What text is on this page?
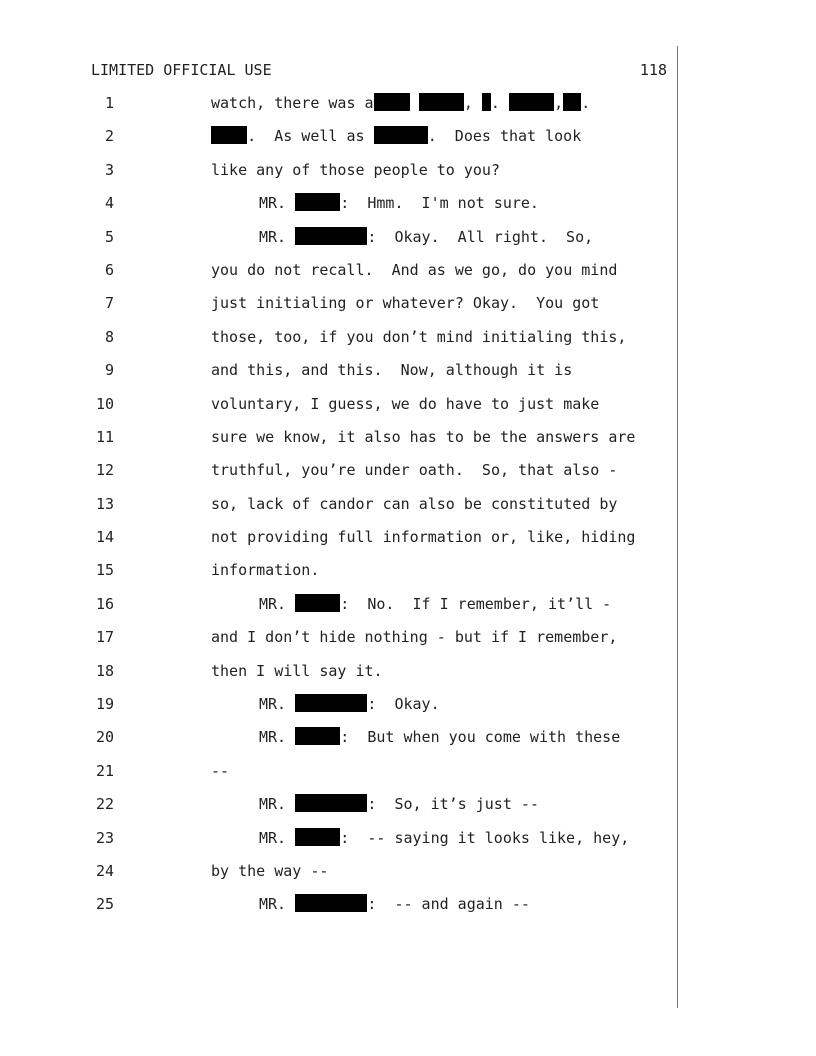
LIMITED OFFICIAL USE

	118

1	watch, there was a	, .	, .
2	.  As well as	.  Does that look
3	like any of those people to you?
4	MR.	:  Hmm.  I'm not sure.
5	MR.	:  Okay.  All right.  So,
6	you do not recall.  And as we go, do you mind
7	just initialing or whatever? Okay.  You got
8	those, too, if you don’t mind initialing this,
9	and this, and this.  Now, although it is
10	voluntary, I guess, we do have to just make
11	sure we know, it also has to be the answers are
12	truthful, you’re under oath.  So, that also -
13	so, lack of candor can also be constituted by
14	not providing full information or, like, hiding
15	information.
16	MR.	:  No.  If I remember, it’ll -
17	and I don’t hide nothing - but if I remember,
18	then I will say it.
19	MR.	:  Okay.
20	MR.	:  But when you come with these
21	--
22	MR.	:  So, it’s just --
23	MR.	:  -- saying it looks like, hey,
24	by the way --
25	MR.	:  -- and again --
